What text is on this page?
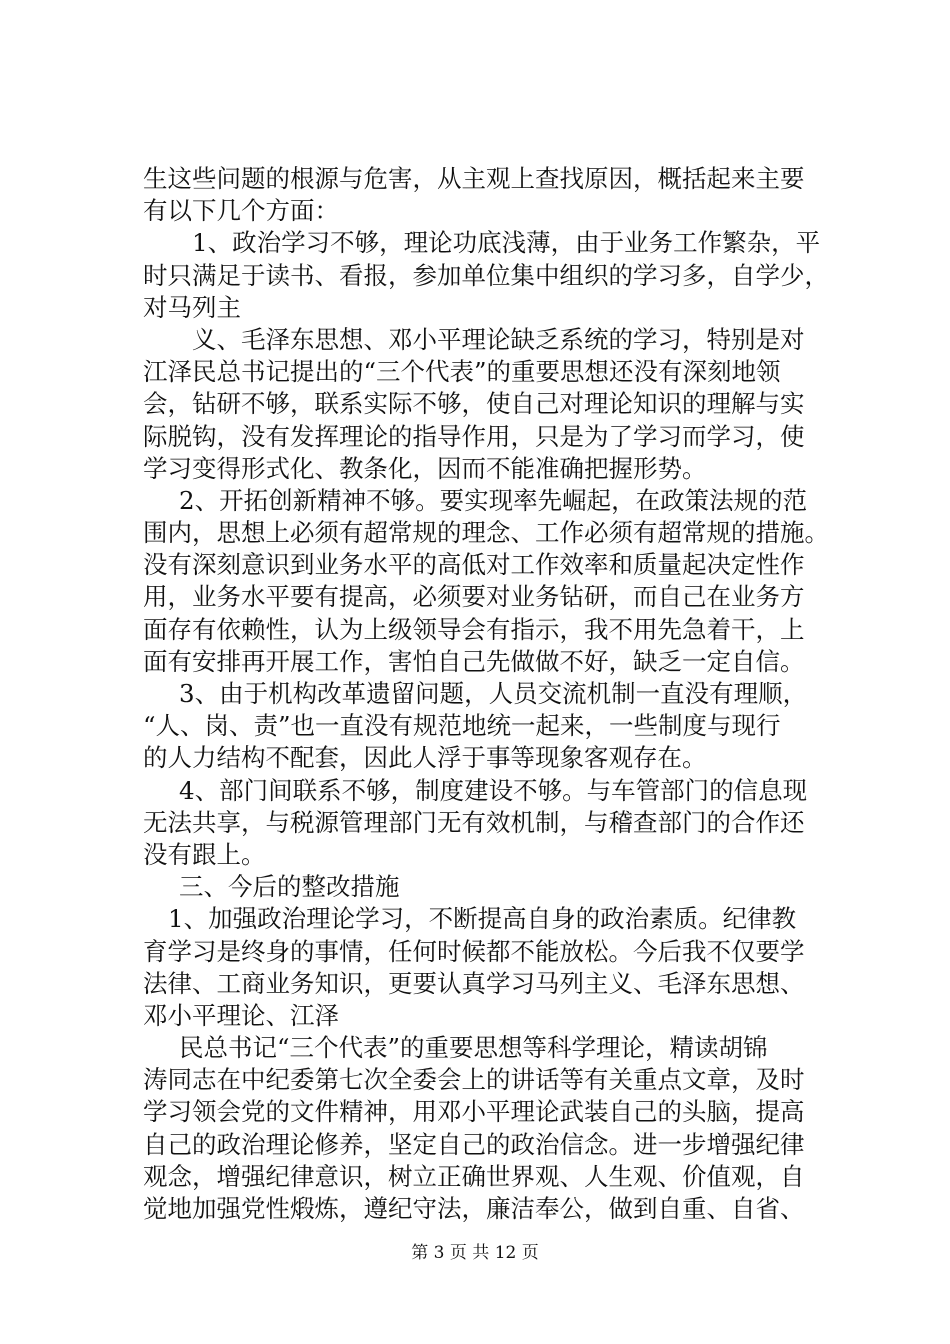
生这些问题的根源与危害，从主观上查找原因，概括起来主要
有以下几个方面：
1、政治学习不够，理论功底浅薄，由于业务工作繁杂，平
时只满足于读书、看报，参加单位集中组织的学习多，自学少，
对马列主
义、毛泽东思想、邓小平理论缺乏系统的学习，特别是对
江泽民总书记提出的“三个代表”的重要思想还没有深刻地领
会，钻研不够，联系实际不够，使自己对理论知识的理解与实
际脱钩，没有发挥理论的指导作用，只是为了学习而学习，使
学习变得形式化、教条化，因而不能准确把握形势。
2、开拓创新精神不够。要实现率先崛起，在政策法规的范
围内，思想上必须有超常规的理念、工作必须有超常规的措施。
没有深刻意识到业务水平的高低对工作效率和质量起决定性作
用，业务水平要有提高，必须要对业务钻研，而自己在业务方
面存有依赖性，认为上级领导会有指示，我不用先急着干，上
面有安排再开展工作，害怕自己先做做不好，缺乏一定自信。
3、由于机构改革遗留问题，人员交流机制一直没有理顺，
“人、岗、责”也一直没有规范地统一起来，一些制度与现行
的人力结构不配套，因此人浮于事等现象客观存在。
4、部门间联系不够，制度建设不够。与车管部门的信息现
无法共享，与税源管理部门无有效机制，与稽查部门的合作还
没有跟上。
三、今后的整改措施
1、加强政治理论学习，不断提高自身的政治素质。纪律教
育学习是终身的事情，任何时候都不能放松。今后我不仅要学
法律、工商业务知识，更要认真学习马列主义、毛泽东思想、
邓小平理论、江泽
民总书记“三个代表”的重要思想等科学理论，精读胡锦
涛同志在中纪委第七次全委会上的讲话等有关重点文章，及时
学习领会党的文件精神，用邓小平理论武装自己的头脑，提高
自己的政治理论修养，坚定自己的政治信念。进一步增强纪律
观念，增强纪律意识，树立正确世界观、人生观、价值观，自
觉地加强党性煅炼，遵纪守法，廉洁奉公，做到自重、自省、
第 3 页 共 12 页
